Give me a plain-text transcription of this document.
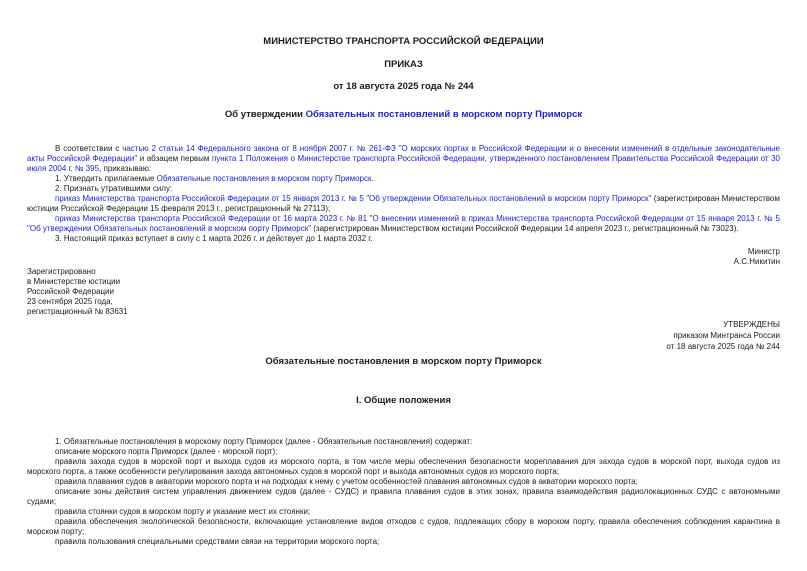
МИНИСТЕРСТВО ТРАНСПОРТА РОССИЙСКОЙ ФЕДЕРАЦИИ
ПРИКАЗ
от 18 августа 2025 года № 244
Об утверждении Обязательных постановлений в морском порту Приморск

В соответствии с частью 2 статьи 14 Федерального закона от 8 ноября 2007 г. № 261-ФЗ "О морских портах в Российской Федерации и о внесении изменений в отдельные законодательные акты Российской Федерации" и абзацем первым пункта 1 Положения о Министерстве транспорта Российской Федерации, утвержденного постановлением Правительства Российской Федерации от 30 июля 2004 г. № 395, приказываю:

1. Утвердить прилагаемые Обязательные постановления в морском порту Приморск.

2. Признать утратившими силу:

приказ Министерства транспорта Российской Федерации от 15 января 2013 г. № 5 "Об утверждении Обязательных постановлений в морском порту Приморск" (зарегистрирован Министерством юстиции Российской Федерации 15 февраля 2013 г., регистрационный № 27113);

приказ Министерства транспорта Российской Федерации от 16 марта 2023 г. № 81 "О внесении изменений в приказ Министерства транспорта Российской Федерации от 15 января 2013 г. № 5 "Об утверждении Обязательных постановлений в морском порту Приморск" (зарегистрирован Министерством юстиции Российской Федерации 14 апреля 2023 г., регистрационный № 73023).

3. Настоящий приказ вступает в силу с 1 марта 2026 г. и действует до 1 марта 2032 г.

Министр
А.С.Никитин
Зарегистрировано
в Министерстве юстиции
Российской Федерации
23 сентября 2025 года,
регистрационный № 83631
УТВЕРЖДЕНЫ
приказом Минтранса России
от 18 августа 2025 года № 244
Обязательные постановления в морском порту Приморск
I. Общие положения

1. Обязательные постановления в морскому порту Приморск (далее - Обязательные постановления) содержат:

описание морского порта Приморск (далее - морской порт);

правила захода судов в морской порт и выхода судов из морского порта, в том числе меры обеспечения безопасности мореплавания для захода судов в морской порт, выхода судов из морского порта, а также особенности регулирования захода автономных судов в морской порт и выхода автономных судов из морского порта;

правила плавания судов в акватории морского порта и на подходах к нему с учетом особенностей плавания автономных судов в акватории морского порта;

описание зоны действия систем управления движением судов (далее - СУДС) и правила плавания судов в этих зонах, правила взаимодействия радиолокационных СУДС с автономными судами;

правила стоянки судов в морском порту и указание мест их стоянки;

правила обеспечения экологической безопасности, включающие установление видов отходов с судов, подлежащих сбору в морском порту, правила обеспечения соблюдения карантина в морском порту;

правила пользования специальными средствами связи на территории морского порта;
